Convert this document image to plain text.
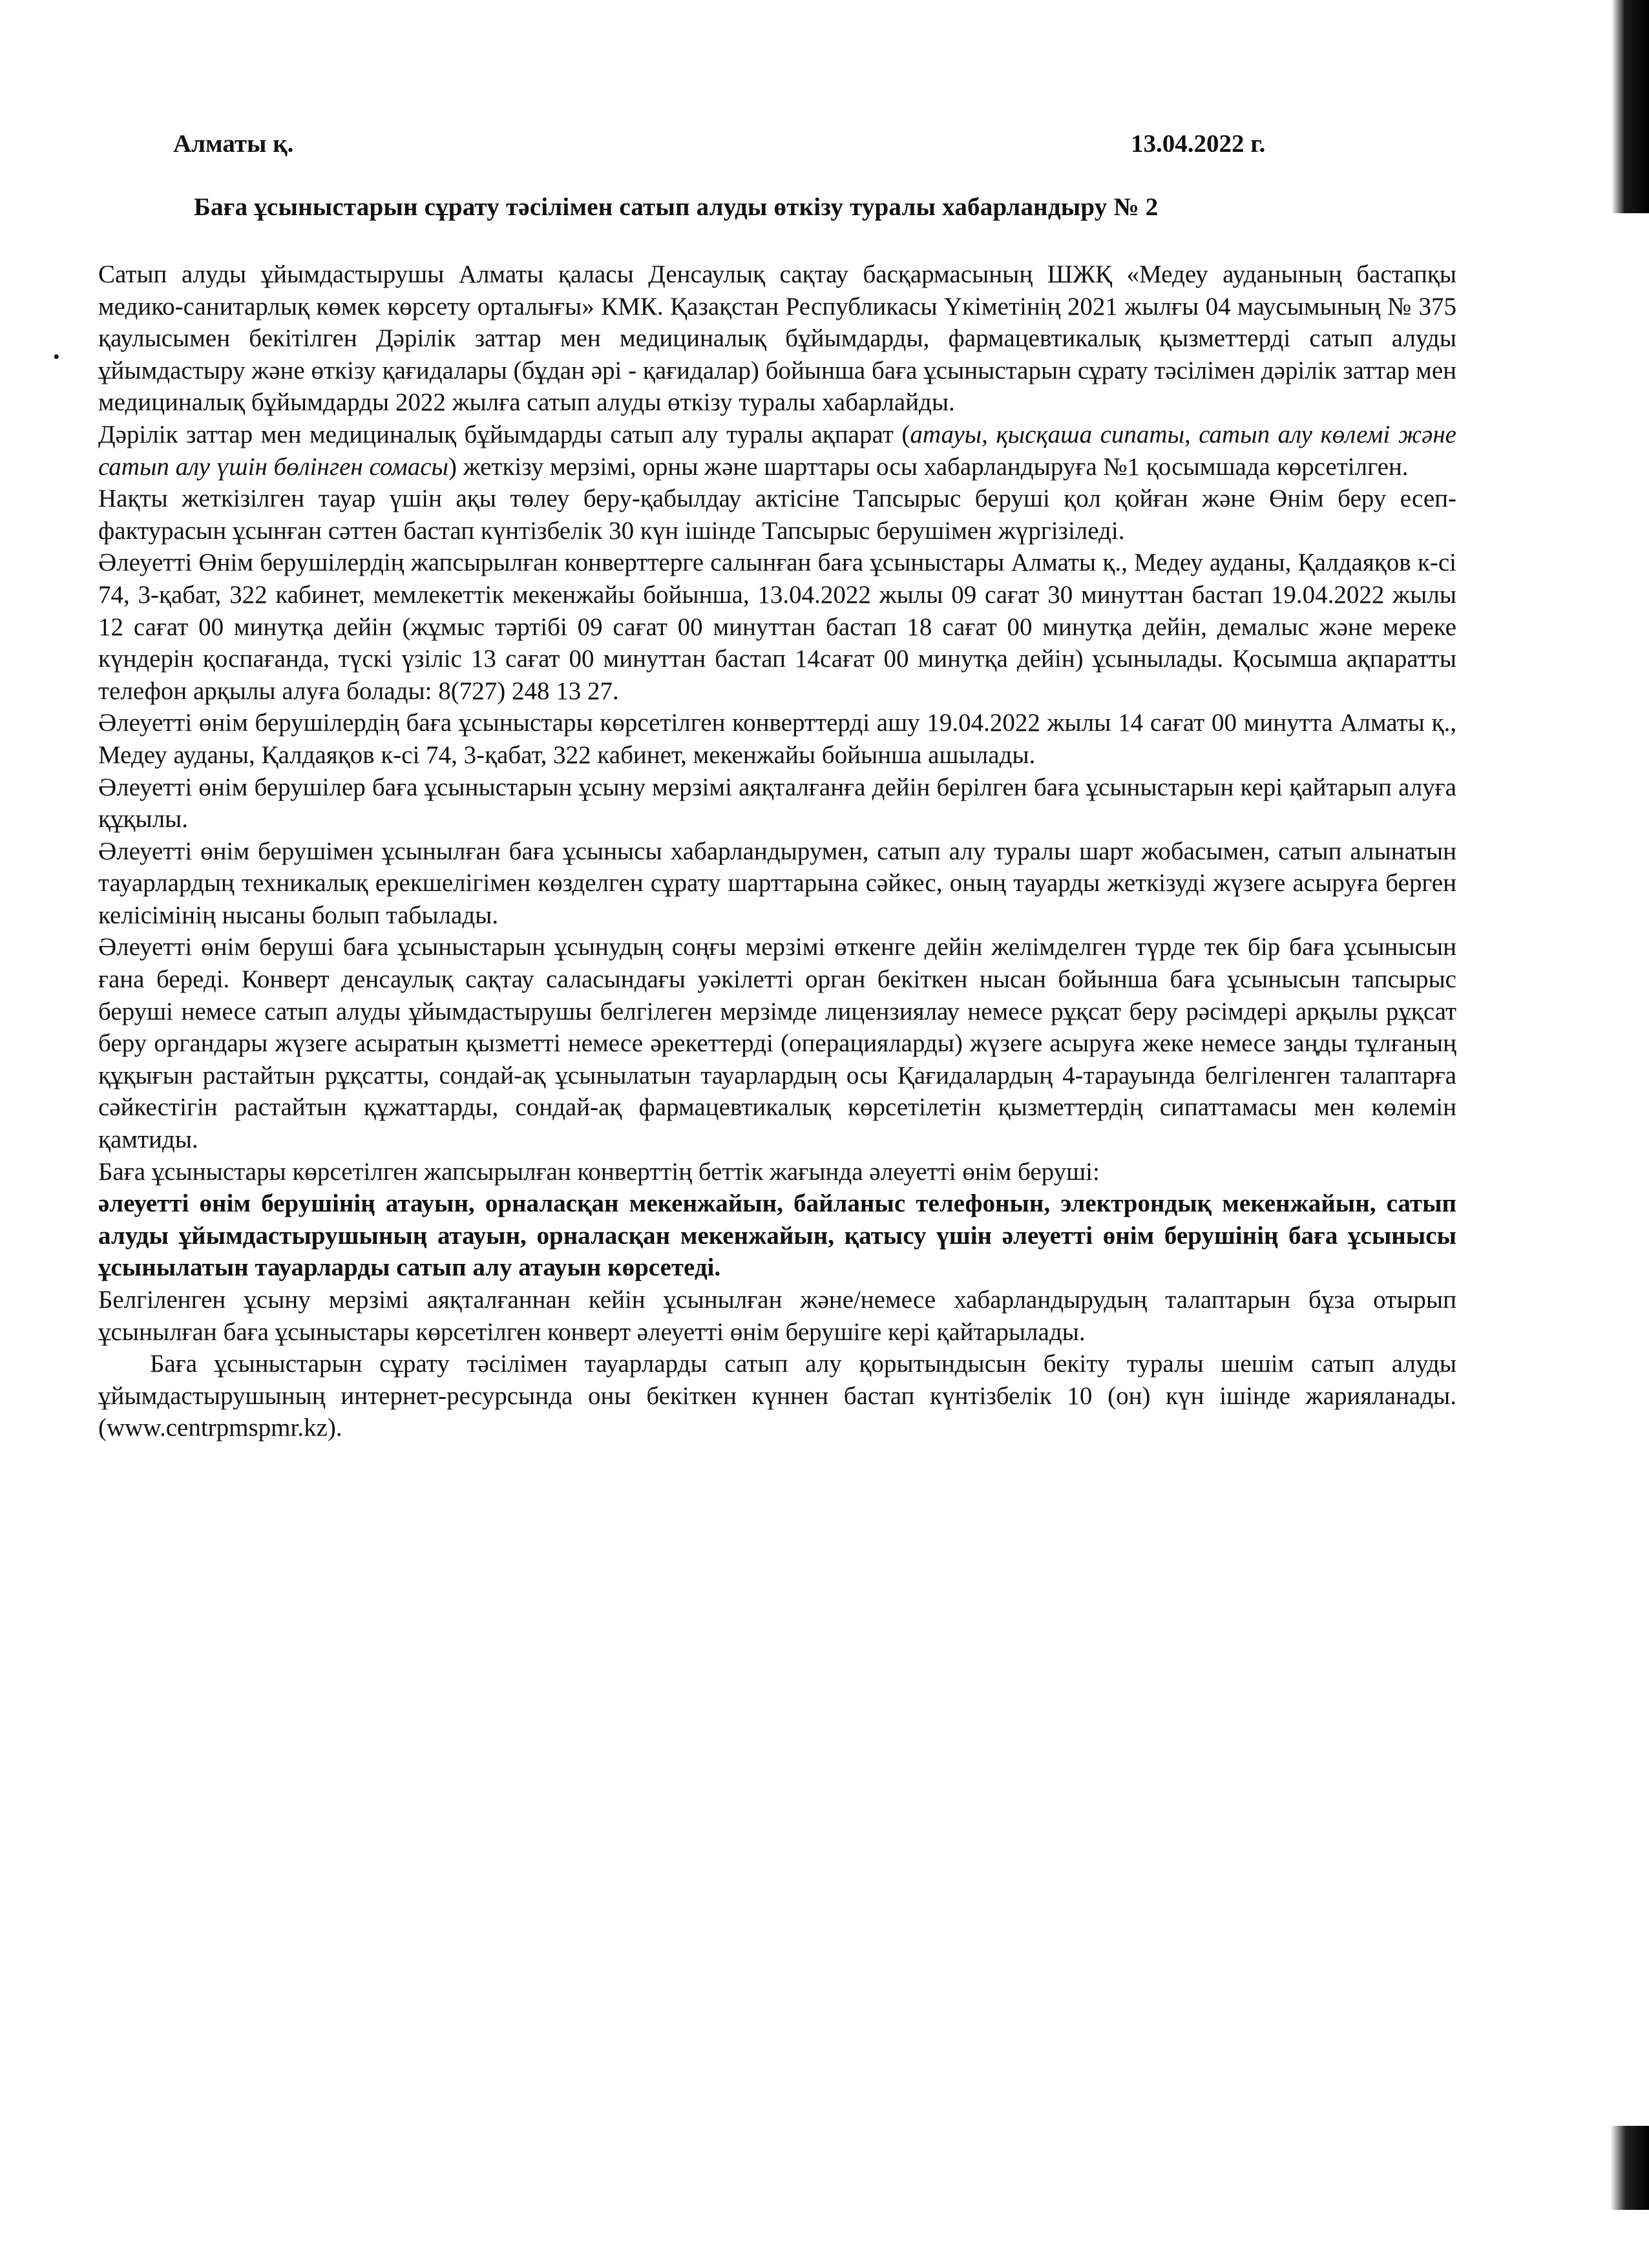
•
Алматы қ.	13.04.2022 г.
Баға ұсыныстарын сұрату тәсілімен сатып алуды өткізу туралы хабарландыру № 2

Сатып алуды ұйымдастырушы Алматы қаласы Денсаулық сақтау басқармасының ШЖҚ «Медеу ауданының бастапқы медико-санитарлық көмек көрсету орталығы» КМК. Қазақстан Республикасы Үкіметінің 2021 жылғы 04 маусымының № 375 қаулысымен бекітілген Дәрілік заттар мен медициналық бұйымдарды, фармацевтикалық қызметтерді сатып алуды ұйымдастыру және өткізу қағидалары (бұдан әрі - қағидалар) бойынша баға ұсыныстарын сұрату тәсілімен дәрілік заттар мен медициналық бұйымдарды 2022 жылға сатып алуды өткізу туралы хабарлайды.

Дәрілік заттар мен медициналық бұйымдарды сатып алу туралы ақпарат (атауы, қысқаша сипаты, сатып алу көлемі және сатып алу үшін бөлінген сомасы) жеткізу мерзімі, орны және шарттары осы хабарландыруға №1 қосымшада көрсетілген.

Нақты жеткізілген тауар үшін ақы төлеу беру-қабылдау актісіне Тапсырыс беруші қол қойған және Өнім беру есеп-фактурасын ұсынған сәттен бастап күнтізбелік 30 күн ішінде Тапсырыс берушімен жүргізіледі.

Әлеуетті Өнім берушілердің жапсырылған конверттерге салынған баға ұсыныстары Алматы қ., Медеу ауданы, Қалдаяқов к-сі 74, 3-қабат, 322 кабинет, мемлекеттік мекенжайы бойынша, 13.04.2022 жылы 09 сағат 30 минуттан бастап 19.04.2022 жылы 12 сағат 00 минутқа дейін (жұмыс тәртібі 09 сағат 00 минуттан бастап 18 сағат 00 минутқа дейін, демалыс және мереке күндерін қоспағанда, түскі үзіліс 13 сағат 00 минуттан бастап 14сағат 00 минутқа дейін) ұсынылады. Қосымша ақпаратты телефон арқылы алуға болады: 8(727) 248 13 27.

Әлеуетті өнім берушілердің баға ұсыныстары көрсетілген конверттерді ашу 19.04.2022 жылы 14 сағат 00 минутта Алматы қ., Медеу ауданы, Қалдаяқов к-сі 74, 3-қабат, 322 кабинет, мекенжайы бойынша ашылады.

Әлеуетті өнім берушілер баға ұсыныстарын ұсыну мерзімі аяқталғанға дейін берілген баға ұсыныстарын кері қайтарып алуға құқылы.

Әлеуетті өнім берушімен ұсынылған баға ұсынысы хабарландырумен, сатып алу туралы шарт жобасымен, сатып алынатын тауарлардың техникалық ерекшелігімен көзделген сұрату шарттарына сәйкес, оның тауарды жеткізуді жүзеге асыруға берген келісімінің нысаны болып табылады.

Әлеуетті өнім беруші баға ұсыныстарын ұсынудың соңғы мерзімі өткенге дейін желімделген түрде тек бір баға ұсынысын ғана береді. Конверт денсаулық сақтау саласындағы уәкілетті орган бекіткен нысан бойынша баға ұсынысын тапсырыс беруші немесе сатып алуды ұйымдастырушы белгілеген мерзімде лицензиялау немесе рұқсат беру рәсімдері арқылы рұқсат беру органдары жүзеге асыратын қызметті немесе әрекеттерді (операцияларды) жүзеге асыруға жеке немесе заңды тұлғаның құқығын растайтын рұқсатты, сондай-ақ ұсынылатын тауарлардың осы Қағидалардың 4-тарауында белгіленген талаптарға сәйкестігін растайтын құжаттарды, сондай-ақ фармацевтикалық көрсетілетін қызметтердің сипаттамасы мен көлемін қамтиды.

Баға ұсыныстары көрсетілген жапсырылған конверттің беттік жағында әлеуетті өнім беруші:

әлеуетті өнім берушінің атауын, орналасқан мекенжайын, байланыс телефонын, электрондық мекенжайын, сатып алуды ұйымдастырушының атауын, орналасқан мекенжайын, қатысу үшін әлеуетті өнім берушінің баға ұсынысы ұсынылатын тауарларды сатып алу атауын көрсетеді.

Белгіленген ұсыну мерзімі аяқталғаннан кейін ұсынылған және/немесе хабарландырудың талаптарын бұза отырып ұсынылған баға ұсыныстары көрсетілген конверт әлеуетті өнім берушіге кері қайтарылады.

Баға ұсыныстарын сұрату тәсілімен тауарларды сатып алу қорытындысын бекіту туралы шешім сатып алуды ұйымдастырушының интернет-ресурсында оны бекіткен күннен бастап күнтізбелік 10 (он) күн ішінде жарияланады. (www.centrpmspmr.kz).
